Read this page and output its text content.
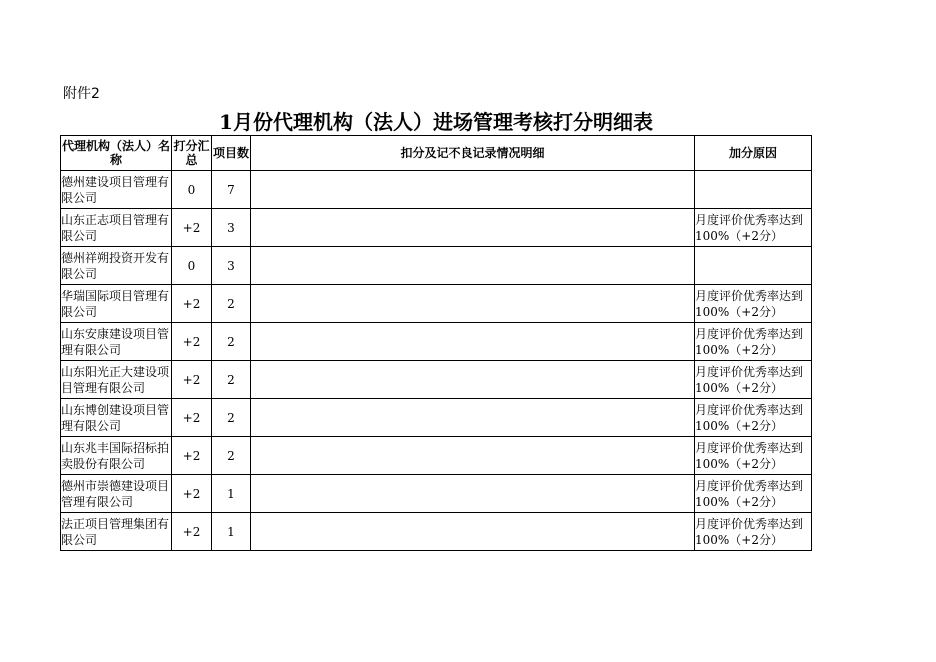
附件2
1月份代理机构（法人）进场管理考核打分明细表
代理机构（法人）名称	打分汇总	项目数	扣分及记不良记录情况明细	加分原因

德州建设项目管理有限公司	0	7		

山东正志项目管理有限公司	+2	3		月度评价优秀率达到100%（+2分）

德州祥朔投资开发有限公司	0	3		

华瑞国际项目管理有限公司	+2	2		月度评价优秀率达到100%（+2分）

山东安康建设项目管理有限公司	+2	2		月度评价优秀率达到100%（+2分）

山东阳光正大建设项目管理有限公司	+2	2		月度评价优秀率达到100%（+2分）

山东博创建设项目管理有限公司	+2	2		月度评价优秀率达到100%（+2分）

山东兆丰国际招标拍卖股份有限公司	+2	2		月度评价优秀率达到100%（+2分）

德州市崇德建设项目管理有限公司	+2	1		月度评价优秀率达到100%（+2分）

法正项目管理集团有限公司	+2	1		月度评价优秀率达到100%（+2分）
